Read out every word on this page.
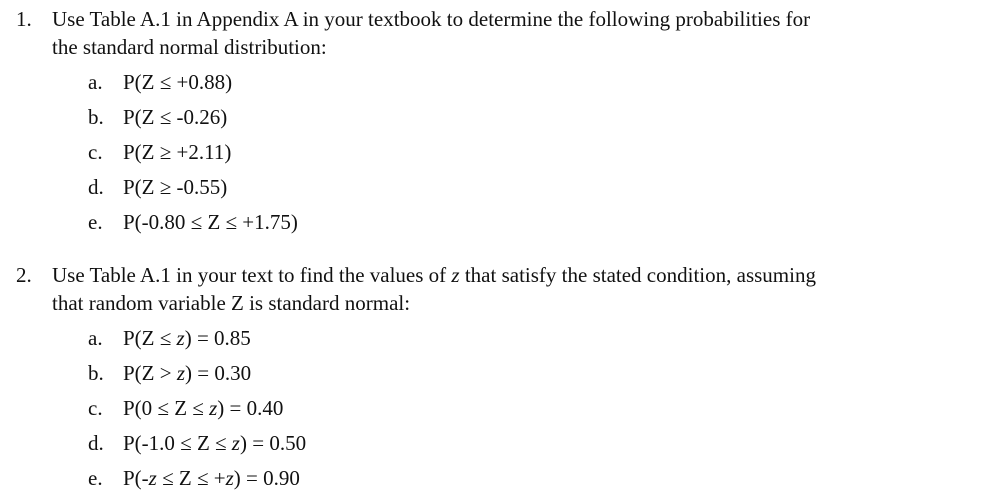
1. Use Table A.1 in Appendix A in your textbook to determine the following probabilities for
the standard normal distribution:
a. P(Z ≤ +0.88)
b. P(Z ≤ -0.26)
c. P(Z ≥ +2.11)
d. P(Z ≥ -0.55)
e. P(-0.80 ≤ Z ≤ +1.75)
2. Use Table A.1 in your text to find the values of z that satisfy the stated condition, assuming
that random variable Z is standard normal:
a. P(Z ≤ z) = 0.85
b. P(Z > z) = 0.30
c. P(0 ≤ Z ≤ z) = 0.40
d. P(-1.0 ≤ Z ≤ z) = 0.50
e. P(-z ≤ Z ≤ +z) = 0.90
